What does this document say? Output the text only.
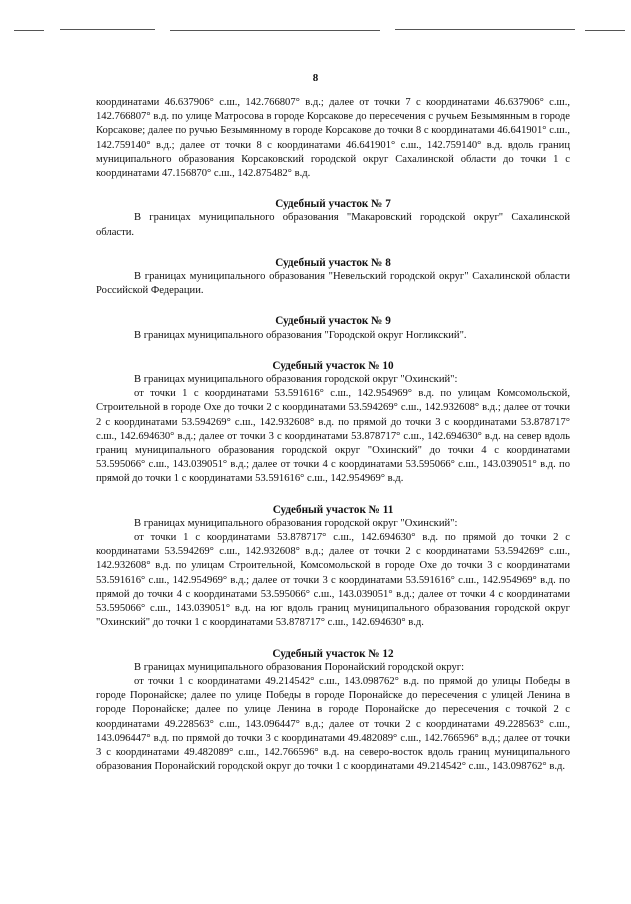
8

координатами 46.637906° с.ш., 142.766807° в.д.; далее от точки 7 с координатами 46.637906° с.ш., 142.766807° в.д. по улице Матросова в городе Корсакове до пересечения с ручьем Безымянным в городе Корсакове; далее по ручью Безымянному в городе Корсакове до точки 8 с координатами 46.641901° с.ш., 142.759140° в.д.; далее от точки 8 с координатами 46.641901° с.ш., 142.759140° в.д. вдоль границ муниципального образования Корсаковский городской округ Сахалинской области до точки 1 с координатами 47.156870° с.ш., 142.875482° в.д.

Судебный участок № 7

В границах муниципального образования "Макаровский городской округ" Сахалинской области.

Судебный участок № 8

В границах муниципального образования "Невельский городской округ" Сахалинской области Российской Федерации.

Судебный участок № 9

В границах муниципального образования "Городской округ Ногликский".

Судебный участок № 10

В границах муниципального образования городской округ "Охинский":

от точки 1 с координатами 53.591616° с.ш., 142.954969° в.д. по улицам Комсомольской, Строительной в городе Охе до точки 2 с координатами 53.594269° с.ш., 142.932608° в.д.; далее от точки 2 с координатами 53.594269° с.ш., 142.932608° в.д. по прямой до точки 3 с координатами 53.878717° с.ш., 142.694630° в.д.; далее от точки 3 с координатами 53.878717° с.ш., 142.694630° в.д. на север вдоль границ муниципального образования городской округ "Охинский" до точки 4 с координатами 53.595066° с.ш., 143.039051° в.д.; далее от точки 4 с координатами 53.595066° с.ш., 143.039051° в.д. по прямой до точки 1 с координатами 53.591616° с.ш., 142.954969° в.д.

Судебный участок № 11

В границах муниципального образования городской округ "Охинский":

от точки 1 с координатами 53.878717° с.ш., 142.694630° в.д. по прямой до точки 2 с координатами 53.594269° с.ш., 142.932608° в.д.; далее от точки 2 с координатами 53.594269° с.ш., 142.932608° в.д. по улицам Строительной, Комсомольской в городе Охе до точки 3 с координатами 53.591616° с.ш., 142.954969° в.д.; далее от точки 3 с координатами 53.591616° с.ш., 142.954969° в.д. по прямой до точки 4 с координатами 53.595066° с.ш., 143.039051° в.д.; далее от точки 4 с координатами 53.595066° с.ш., 143.039051° в.д. на юг вдоль границ муниципального образования городской округ "Охинский" до точки 1 с координатами 53.878717° с.ш., 142.694630° в.д.

Судебный участок № 12

В границах муниципального образования Поронайский городской округ:

от точки 1 с координатами 49.214542° с.ш., 143.098762° в.д. по прямой до улицы Победы в городе Поронайске; далее по улице Победы в городе Поронайске до пересечения с улицей Ленина в городе Поронайске; далее по улице Ленина в городе Поронайске до пересечения с точкой 2 с координатами 49.228563° с.ш., 143.096447° в.д.; далее от точки 2 с координатами 49.228563° с.ш., 143.096447° в.д. по прямой до точки 3 с координатами 49.482089° с.ш., 142.766596° в.д.; далее от точки 3 с координатами 49.482089° с.ш., 142.766596° в.д. на северо-восток вдоль границ муниципального образования Поронайский городской округ до точки 1 с координатами 49.214542° с.ш., 143.098762° в.д.
